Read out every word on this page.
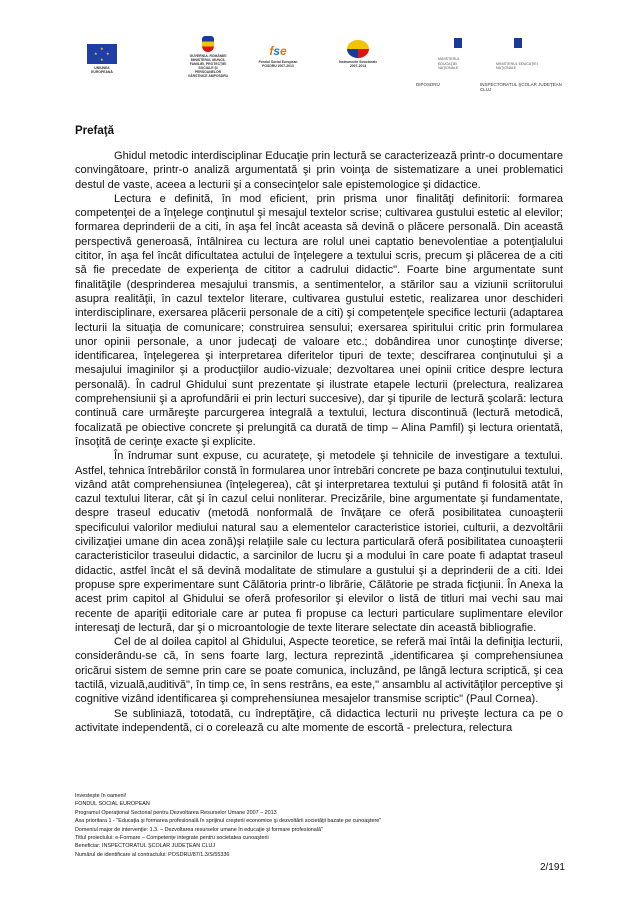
★
★
★ ★
UNIUNEA EUROPEANĂ
GUVERNUL ROMÂNIEI MINISTERUL MUNCII, FAMILIEI, PROTECŢIEI SOCIALE ŞI PERSOANELOR VÂRSTNICE AMPOSDRU
fse
Fondul Social European POSDRU 2007-2013
Instrumente Structurale 2007-2013
MINISTERUL EDUCAŢIEI NAŢIONALE
MINISTERUL EDUCAŢIEI NAŢIONALE
DIPOSDRU	INSPECTORATUL ŞCOLAR JUDEŢEAN CLUJ
Prefaţă

Ghidul metodic interdisciplinar Educaţie prin lectură se caracterizează printr-o documentare convingătoare, printr-o analiză argumentată şi prin voinţa de sistematizare a unei problematici destul de vaste, aceea a lecturii şi a consecinţelor sale epistemologice şi didactice.

Lectura e definită, în mod eficient, prin prisma unor finalităţi definitorii: formarea competenţei de a înţelege conţinutul şi mesajul textelor scrise; cultivarea gustului estetic al elevilor; formarea deprinderii de a citi, în aşa fel încât aceasta să devină o plăcere personală. Din această perspectivă generoasă, întâlnirea cu lectura are rolul unei captatio benevolentiae a potenţialului cititor, în aşa fel încât dificultatea actului de înţelegere a textului scris, precum şi plăcerea de a citi să fie precedate de experienţa de cititor a cadrului didactic". Foarte bine argumentate sunt finalităţile (desprinderea mesajului transmis, a sentimentelor, a stărilor sau a viziunii scriitorului asupra realităţii, în cazul textelor literare, cultivarea gustului estetic, realizarea unor deschideri interdisciplinare, exersarea plăcerii personale de a citi) şi competenţele specifice lecturii (adaptarea lecturii la situaţia de comunicare; construirea sensului; exersarea spiritului critic prin formularea unor opinii personale, a unor judecaţi de valoare etc.; dobândirea unor cunoştinţe diverse; identificarea, înţelegerea şi interpretarea diferitelor tipuri de texte; descifrarea conţinutului şi a mesajului imaginilor şi a producţiilor audio-vizuale; dezvoltarea unei opinii critice despre lectura personală). În cadrul Ghidului sunt prezentate şi ilustrate etapele lecturii (prelectura, realizarea comprehensiunii şi a aprofundării ei prin lecturi succesive), dar şi tipurile de lectură şcolară: lectura continuă care urmăreşte parcurgerea integrală a textului, lectura discontinuă (lectură metodică, focalizată pe obiective concrete şi prelungită ca durată de timp – Alina Pamfil) şi lectura orientată, însoţită de cerinţe exacte şi explicite.

În îndrumar sunt expuse, cu acurateţe, şi metodele şi tehnicile de investigare a textului. Astfel, tehnica întrebărilor constă în formularea unor întrebări concrete pe baza conţinutului textului, vizând atât comprehensiunea (înţelegerea), cât şi interpretarea textului şi putând fi folosită atât în cazul textului literar, cât şi în cazul celui nonliterar. Precizările, bine argumentate şi fundamentate, despre traseul educativ (metodă nonformală de învăţare ce oferă posibilitatea cunoaşterii specificului valorilor mediului natural sau a elementelor caracteristice istoriei, culturii, a dezvoltării civilizaţiei umane din acea zonă)şi relaţiile sale cu lectura particulară oferă posibilitatea cunoaşterii caracteristicilor traseului didactic, a sarcinilor de lucru şi a modului în care poate fi adaptat traseul didactic, astfel încât el să devină modalitate de stimulare a gustului şi a deprinderii de a citi. Idei propuse spre experimentare sunt Călătoria printr-o librărie, Călătorie pe strada ficţiunii. În Anexa la acest prim capitol al Ghidului se oferă profesorilor şi elevilor o listă de titluri mai vechi sau mai recente de apariţii editoriale care ar putea fi propuse ca lecturi particulare suplimentare elevilor interesaţi de lectură, dar şi o microantologie de texte literare selectate din această bibliografie.

Cel de al doilea capitol al Ghidului, Aspecte teoretice, se referă mai întâi la definiţia lecturii, considerându-se că, în sens foarte larg, lectura reprezintă „identificarea şi comprehensiunea oricărui sistem de semne prin care se poate comunica, incluzând, pe lângă lectura scriptică, şi cea tactilă, vizuală,auditivă", în timp ce, în sens restrâns, ea este," ansamblu al activităţilor perceptive şi cognitive vizând identificarea şi comprehensiunea mesajelor transmise scriptic" (Paul Cornea).

Se subliniază, totodată, cu îndreptăţire, că didactica lecturii nu priveşte lectura ca pe o activitate independentă, ci o corelează cu alte momente de escortă - prelectura, relectura

Investeşte în oameni!
FONDUL SOCIAL EUROPEAN
Programul Operaţional Sectorial pentru Dezvoltarea Resurselor Umane 2007 – 2013
Axa prioritara 1 - "Educaţia şi formarea profesională în sprijinul creşterii economice şi dezvoltării societăţii bazate pe cunoaştere"
Domeniul major de intervenţie: 1.3. – Dezvoltarea resurselor umane în educaţie şi formare profesională"
Titlul proiectului: e-Formare – Competenţe integrate pentru societatea cunoaşterii
Beneficiar: INSPECTORATUL ŞCOLAR JUDEŢEAN CLUJ
Numărul de identificare al contractului: POSDRU/87/1.3/S/55336
2/191
